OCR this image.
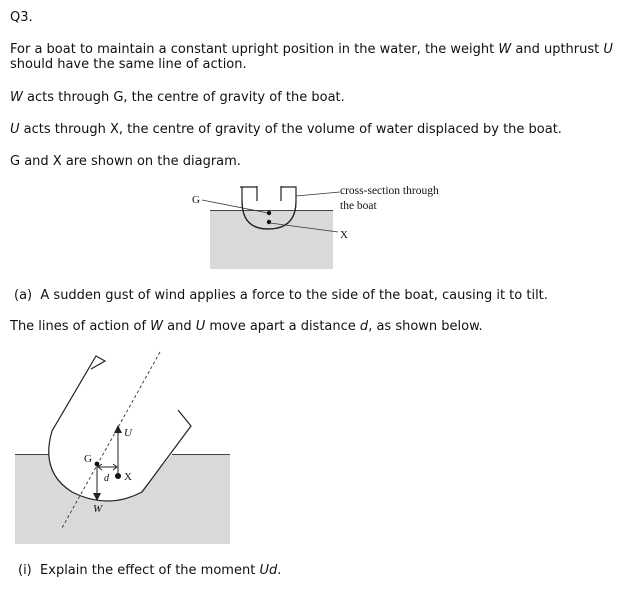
Q3.

For a boat to maintain a constant upright position in the water, the weight W and upthrust U

should have the same line of action.

W acts through G, the centre of gravity of the boat.

U acts through X, the centre of gravity of the volume of water displaced by the boat.

G and X are shown on the diagram.

G
X
cross-section through
the boat

(a) A sudden gust of wind applies a force to the side of the boat, causing it to tilt.

The lines of action of W and U move apart a distance d, as shown below.

U
G
d X
W

(i) Explain the effect of the moment Ud.
